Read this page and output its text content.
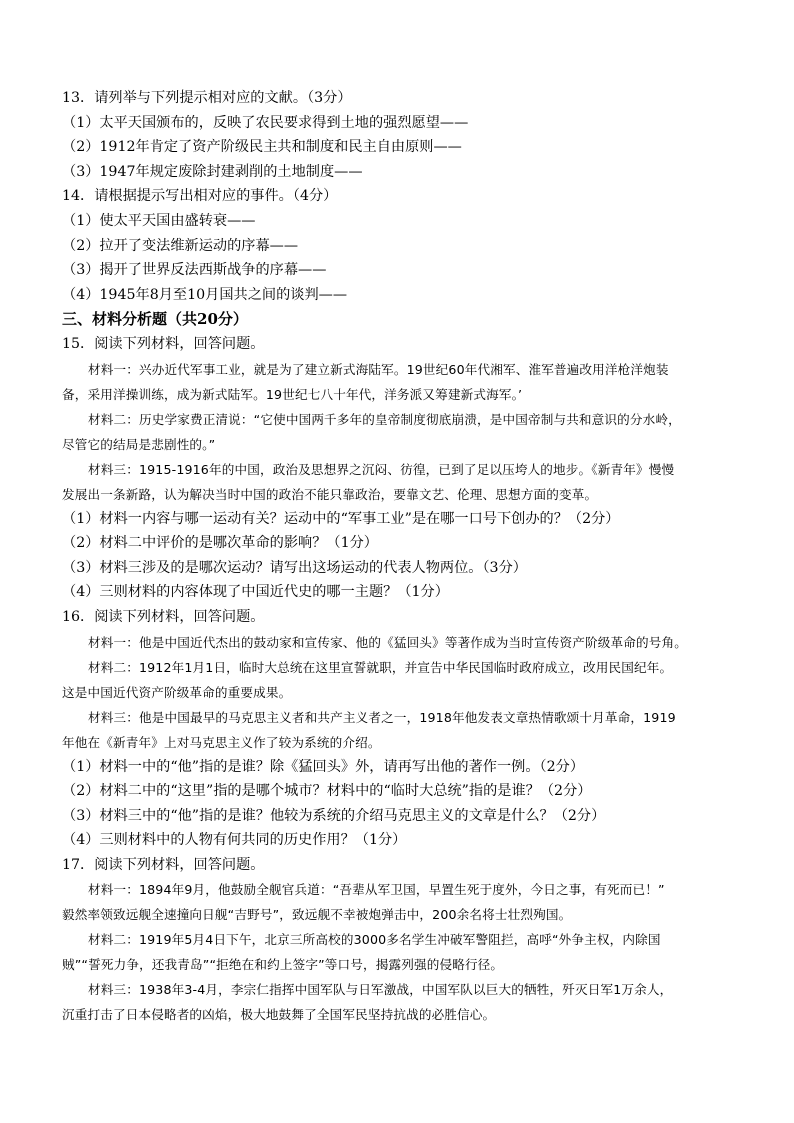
13．请列举与下列提示相对应的文献。（3分）
（1）太平天国颁布的，反映了农民要求得到土地的强烈愿望——
（2）1912年肯定了资产阶级民主共和制度和民主自由原则——
（3）1947年规定废除封建剥削的土地制度——
14．请根据提示写出相对应的事件。（4分）
（1）使太平天国由盛转衰——
（2）拉开了变法维新运动的序幕——
（3）揭开了世界反法西斯战争的序幕——
（4）1945年8月至10月国共之间的谈判——
三、材料分析题（共20分）
15．阅读下列材料，回答问题。
材料一：兴办近代军事工业，就是为了建立新式海陆军。19世纪60年代湘军、淮军普遍改用洋枪洋炮装
备，采用洋操训练，成为新式陆军。19世纪七八十年代，洋务派又筹建新式海军。’
材料二：历史学家费正清说：“它使中国两千多年的皇帝制度彻底崩溃，是中国帝制与共和意识的分水岭，
尽管它的结局是悲剧性的。”
材料三：1915-1916年的中国，政治及思想界之沉闷、彷徨，已到了足以压垮人的地步。《新青年》慢慢
发展出一条新路，认为解决当时中国的政治不能只靠政治，要靠文艺、伦理、思想方面的变革。
（1）材料一内容与哪一运动有关？运动中的“军事工业”是在哪一口号下创办的？（2分）
（2）材料二中评价的是哪次革命的影响？（1分）
（3）材料三涉及的是哪次运动？请写出这场运动的代表人物两位。（3分）
（4）三则材料的内容体现了中国近代史的哪一主题？（1分）
16．阅读下列材料，回答问题。
材料一：他是中国近代杰出的鼓动家和宣传家、他的《猛回头》等著作成为当时宣传资产阶级革命的号角。
材料二：1912年1月1日，临时大总统在这里宣誓就职，并宣告中华民国临时政府成立，改用民国纪年。
这是中国近代资产阶级革命的重要成果。
材料三：他是中国最早的马克思主义者和共产主义者之一，1918年他发表文章热情歌颂十月革命，1919
年他在《新青年》上对马克思主义作了较为系统的介绍。
（1）材料一中的“他”指的是谁？除《猛回头》外，请再写出他的著作一例。（2分）
（2）材料二中的“这里”指的是哪个城市？材料中的“临时大总统”指的是谁？（2分）
（3）材料三中的“他”指的是谁？他较为系统的介绍马克思主义的文章是什么？（2分）
（4）三则材料中的人物有何共同的历史作用？（1分）
17．阅读下列材料，回答问题。
材料一：1894年9月，他鼓励全舰官兵道：“吾辈从军卫国，早置生死于度外，今日之事，有死而已！”
毅然率领致远舰全速撞向日舰“吉野号”，致远舰不幸被炮弹击中，200余名将士壮烈殉国。
材料二：1919年5月4日下午，北京三所高校的3000多名学生冲破军警阻拦，高呼“外争主权，内除国
贼”“誓死力争，还我青岛”“拒绝在和约上签字”等口号，揭露列强的侵略行径。
材料三：1938年3-4月，李宗仁指挥中国军队与日军激战，中国军队以巨大的牺牲，歼灭日军1万余人，
沉重打击了日本侵略者的凶焰，极大地鼓舞了全国军民坚持抗战的必胜信心。
